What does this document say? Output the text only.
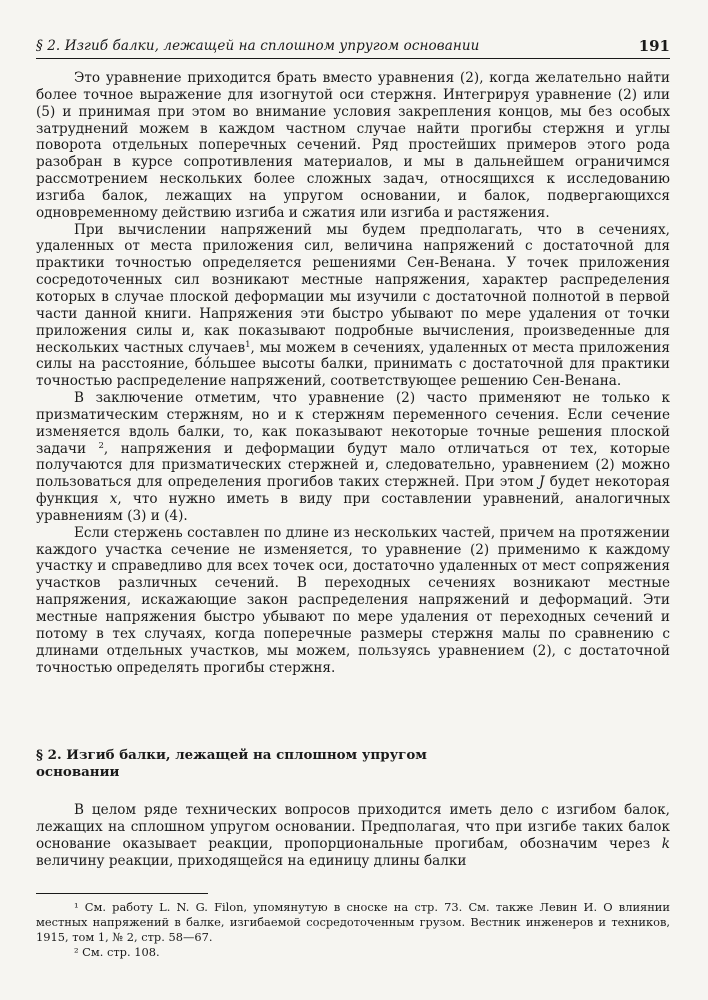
§ 2. Изгиб балки, лежащей на сплошном упругом основании	191

Это уравнение приходится брать вместо уравнения (2), когда желательно найти более точное выражение для изогнутой оси стержня. Интегрируя уравнение (2) или (5) и принимая при этом во внимание условия закрепления концов, мы без особых затруднений можем в каждом частном случае найти прогибы стержня и углы поворота отдельных поперечных сечений. Ряд простейших примеров этого рода разобран в курсе сопротивления материалов, и мы в дальнейшем ограничимся рассмотрением нескольких более сложных задач, относящихся к исследованию изгиба балок, лежащих на упругом основании, и балок, подвергающихся одновременному действию изгиба и сжатия или изгиба и растяжения.

При вычислении напряжений мы будем предполагать, что в сечениях, удаленных от места приложения сил, величина напряжений с достаточной для практики точностью определяется решениями Сен-Венана. У точек приложения сосредоточенных сил возникают местные напряжения, характер распределения которых в случае плоской деформации мы изучили с достаточной полнотой в первой части данной книги. Напряжения эти быстро убывают по мере удаления от точки приложения силы и, как показывают подробные вычисления, произведенные для нескольких частных случаев$^1$, мы можем в сечениях, удаленных от места приложения силы на расстояние, бóльшее высоты балки, принимать с достаточной для практики точностью распределение напряжений, соответствующее решению Сен-Венана.

В заключение отметим, что уравнение (2) часто применяют не только к призматическим стержням, но и к стержням переменного сечения. Если сечение изменяется вдоль балки, то, как показывают некоторые точные решения плоской задачи $^2$, напряжения и деформации будут мало отличаться от тех, которые получаются для призматических стержней и, следовательно, уравнением (2) можно пользоваться для определения прогибов таких стержней. При этом J будет некоторая функция x, что нужно иметь в виду при составлении уравнений, аналогичных уравнениям (3) и (4).

Если стержень составлен по длине из нескольких частей, причем на протяжении каждого участка сечение не изменяется, то уравнение (2) применимо к каждому участку и справедливо для всех точек оси, достаточно удаленных от мест сопряжения участков различных сечений. В переходных сечениях возникают местные напряжения, искажающие закон распределения напряжений и деформаций. Эти местные напряжения быстро убывают по мере удаления от переходных сечений и потому в тех случаях, когда поперечные размеры стержня малы по сравнению с длинами отдельных участков, мы можем, пользуясь уравнением (2), с достаточной точностью определять прогибы стержня.

§ 2. Изгиб балки, лежащей на сплошном упругом основании

В целом ряде технических вопросов приходится иметь дело с изгибом балок, лежащих на сплошном упругом основании. Предполагая, что при изгибе таких балок основание оказывает реакции, пропорциональные прогибам, обозначим через k величину реакции, приходящейся на единицу длины балки

¹ См. работу L. N. G. Filon, упомянутую в сноске на стр. 73. См. также Левин И. О влиянии местных напряжений в балке, изгибаемой сосредоточенным грузом. Вестник инженеров и техников, 1915, том 1, № 2, стр. 58—67.

² См. стр. 108.
